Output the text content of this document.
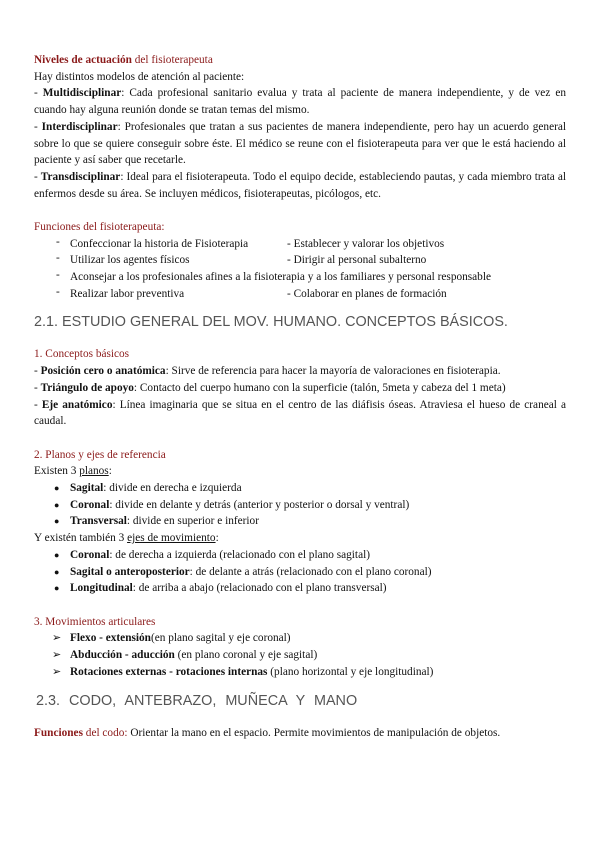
Niveles de actuación del fisioterapeuta

Hay distintos modelos de atención al paciente:

- Multidisciplinar: Cada profesional sanitario evalua y trata al paciente de manera independiente, y de vez en cuando hay alguna reunión donde se tratan temas del mismo.

- Interdisciplinar: Profesionales que tratan a sus pacientes de manera independiente, pero hay un acuerdo general sobre lo que se quiere conseguir sobre éste. El médico se reune con el fisioterapeuta para ver que le está haciendo al paciente y así saber que recetarle.

- Transdisciplinar: Ideal para el fisioterapeuta. Todo el equipo decide, estableciendo pautas, y cada miembro trata al enfermos desde su área. Se incluyen médicos, fisioterapeutas, picólogos, etc.

Funciones del fisioterapeuta:

- Confeccionar la historia de Fisioterapia	- Establecer y valorar los objetivos
- Utilizar los agentes físicos	- Dirigir al personal subalterno
- Aconsejar a los profesionales afines a la fisioterapia y a los familiares y personal responsable
- Realizar labor preventiva	- Colaborar en planes de formación

2.1. ESTUDIO GENERAL DEL MOV. HUMANO. CONCEPTOS BÁSICOS.

1. Conceptos básicos

- Posición cero o anatómica: Sirve de referencia para hacer la mayoría de valoraciones en fisioterapia.

- Triángulo de apoyo: Contacto del cuerpo humano con la superficie (talón, 5meta y cabeza del 1 meta)

- Eje anatómico: Línea imaginaria que se situa en el centro de las diáfisis óseas. Atraviesa el hueso de craneal a caudal.

2. Planos y ejes de referencia

Existen 3 planos:

● Sagital: divide en derecha e izquierda
● Coronal: divide en delante y detrás (anterior y posterior o dorsal y ventral)
● Transversal: divide en superior e inferior

Y existén también 3 ejes de movimiento:

● Coronal: de derecha a izquierda (relacionado con el plano sagital)
● Sagital o anteroposterior: de delante a atrás (relacionado con el plano coronal)
● Longitudinal: de arriba a abajo (relacionado con el plano transversal)

3. Movimientos articulares

➢ Flexo - extensión(en plano sagital y eje coronal)
➢ Abducción - aducción (en plano coronal y eje sagital)
➢ Rotaciones externas - rotaciones internas (plano horizontal y eje longitudinal)

2.3. CODO, ANTEBRAZO, MUÑECA Y MANO

Funciones del codo: Orientar la mano en el espacio. Permite movimientos de manipulación de objetos.
